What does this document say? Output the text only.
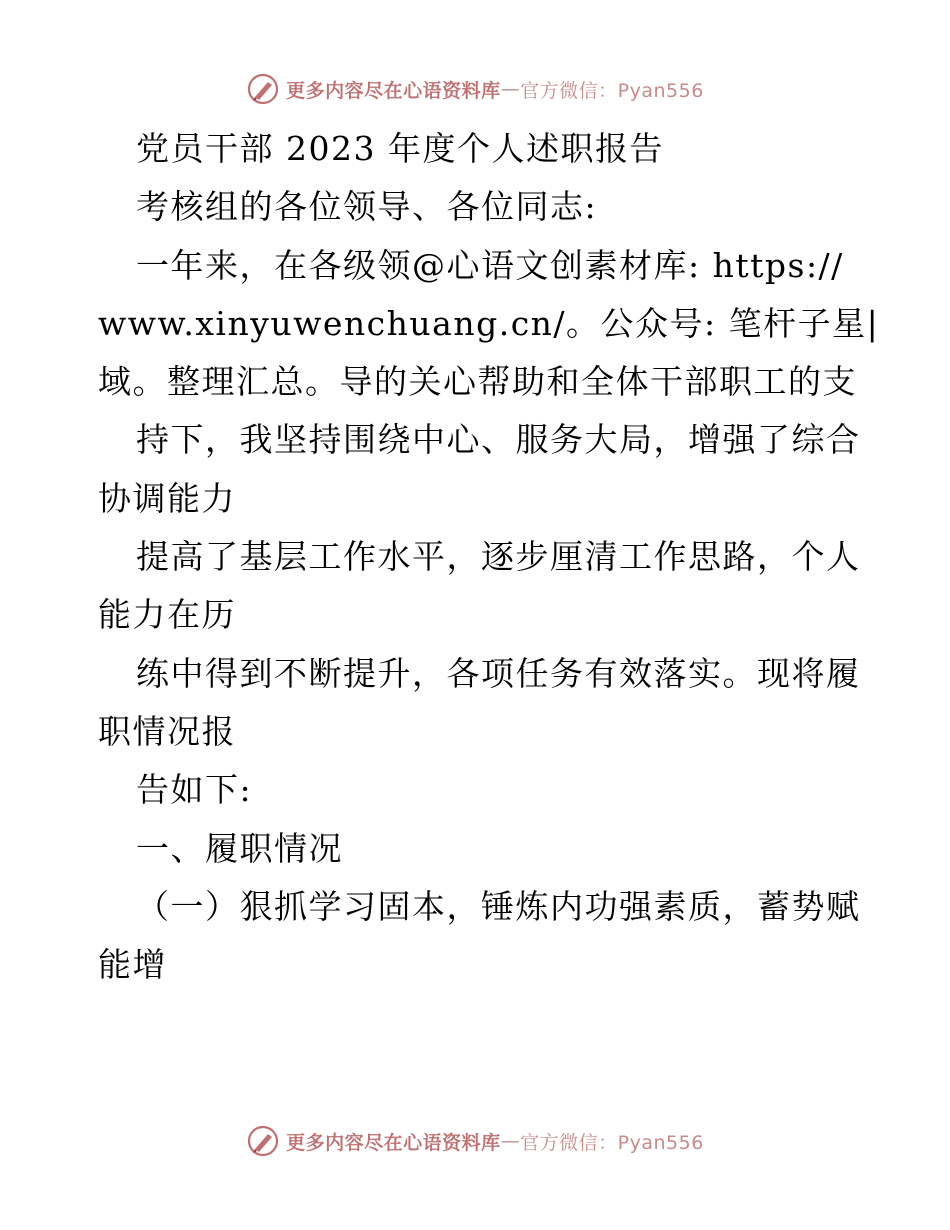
更多内容尽在心语资料库 — 官方微信：Pyan556
党员干部 2023 年度个人述职报告
考核组的各位领导、各位同志:
一年来，在各级领@心语文创素材库: https://
www.xinyuwenchuang.cn/。公众号: 笔杆子星|
域。整理汇总。导的关心帮助和全体干部职工的支
持下，我坚持围绕中心、服务大局，增强了综合
协调能力
提高了基层工作水平，逐步厘清工作思路，个人
能力在历
练中得到不断提升，各项任务有效落实。现将履
职情况报
告如下:
一、履职情况
（一）狠抓学习固本，锤炼内功强素质，蓄势赋
能增
更多内容尽在心语资料库 — 官方微信：Pyan556
